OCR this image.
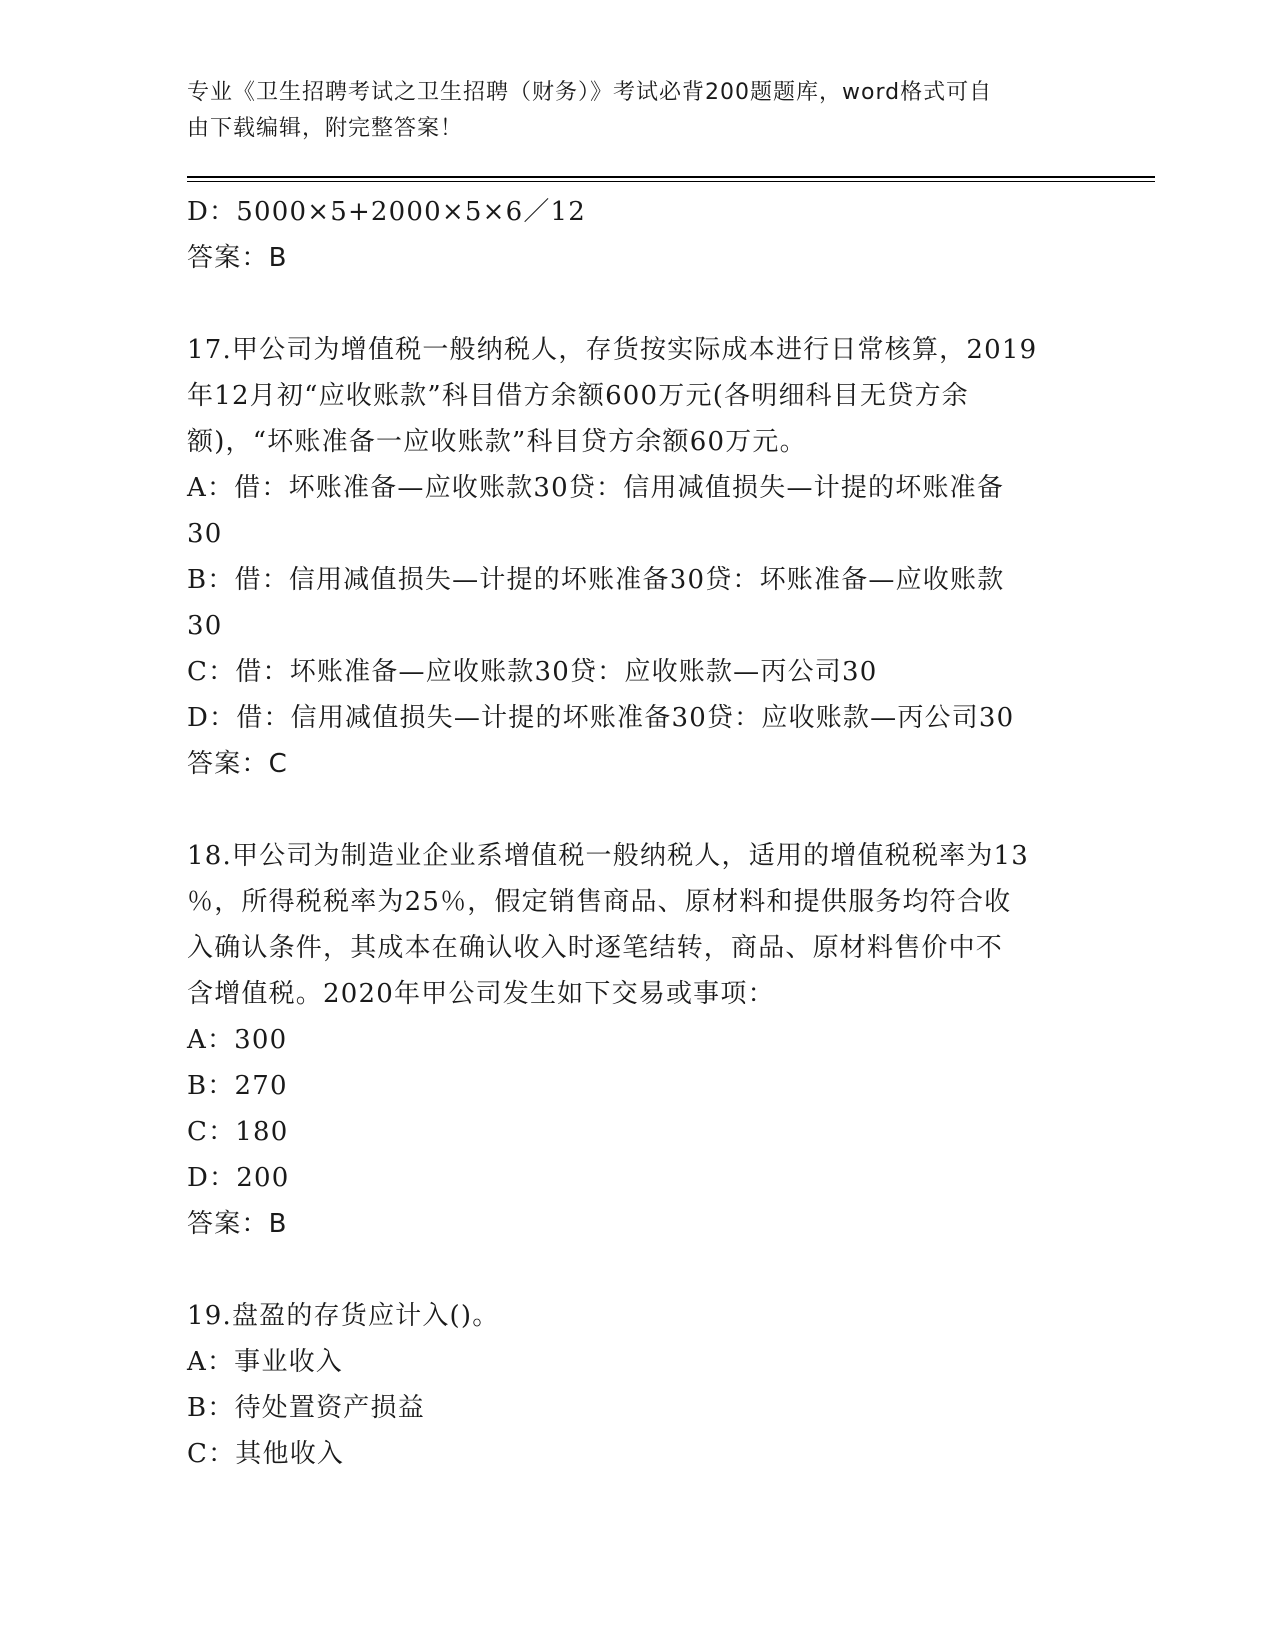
专业《卫生招聘考试之卫生招聘（财务）》考试必背200题题库，word格式可自
由下载编辑，附完整答案！
D：5000×5+2000×5×6／12
答案：B
17.甲公司为增值税一般纳税人，存货按实际成本进行日常核算，2019
年12月初“应收账款”科目借方余额600万元(各明细科目无贷方余
额)，“坏账准备一应收账款”科目贷方余额60万元。
A：借：坏账准备—应收账款30贷：信用减值损失—计提的坏账准备
30
B：借：信用减值损失—计提的坏账准备30贷：坏账准备—应收账款
30
C：借：坏账准备—应收账款30贷：应收账款—丙公司30
D：借：信用减值损失—计提的坏账准备30贷：应收账款—丙公司30
答案：C
18.甲公司为制造业企业系增值税一般纳税人，适用的增值税税率为13
％，所得税税率为25％，假定销售商品、原材料和提供服务均符合收
入确认条件，其成本在确认收入时逐笔结转，商品、原材料售价中不
含增值税。2020年甲公司发生如下交易或事项：
A：300
B：270
C：180
D：200
答案：B
19.盘盈的存货应计入()。
A：事业收入
B：待处置资产损益
C：其他收入
